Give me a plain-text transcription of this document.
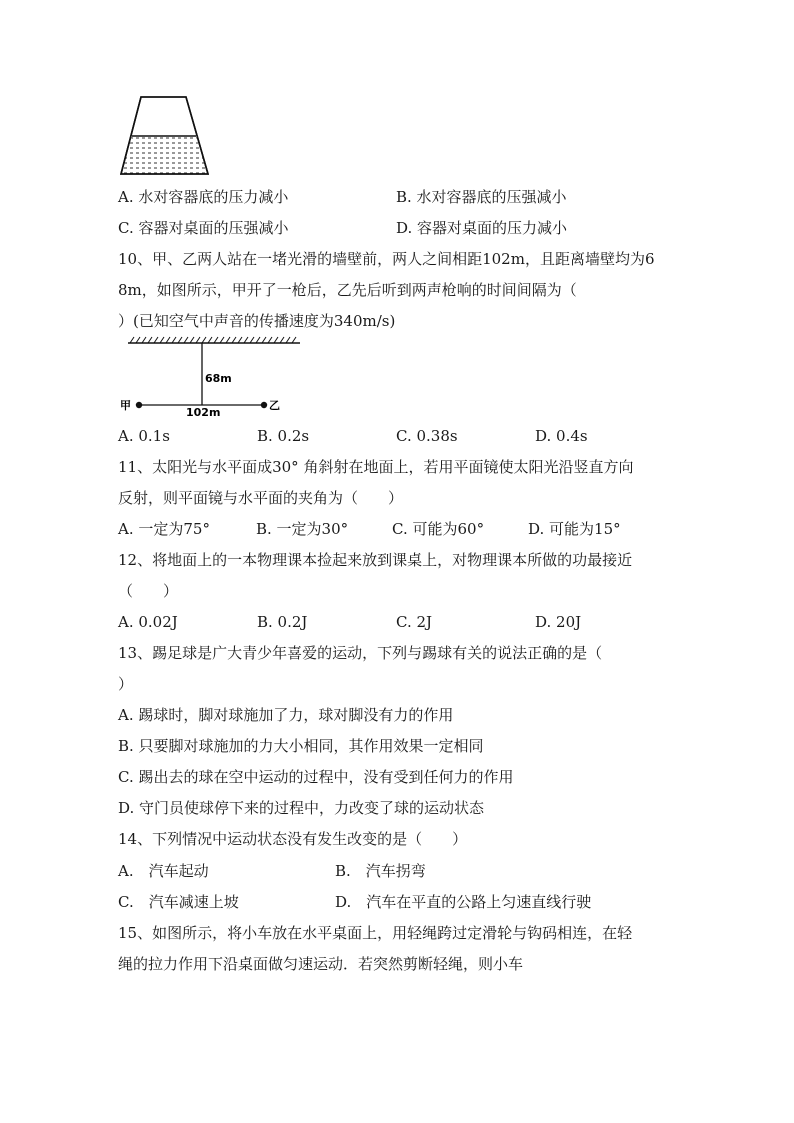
A. 水对容器底的压力减小	B. 水对容器底的压强减小
C. 容器对桌面的压强减小	D. 容器对桌面的压力减小
10、甲、乙两人站在一堵光滑的墙壁前，两人之间相距102m，且距离墙壁均为6
8m，如图所示，甲开了一枪后，乙先后听到两声枪响的时间间隔为（
）(已知空气中声音的传播速度为340m/s)
68m
102m
甲	乙
A. 0.1s	B. 0.2s	C. 0.38s	D. 0.4s
11、太阳光与水平面成30° 角斜射在地面上，若用平面镜使太阳光沿竖直方向
反射，则平面镜与水平面的夹角为（　　）
A. 一定为75°	B. 一定为30°	C. 可能为60°	D. 可能为15°
12、将地面上的一本物理课本捡起来放到课桌上，对物理课本所做的功最接近
（　　）
A. 0.02J	B. 0.2J	C. 2J	D. 20J
13、踢足球是广大青少年喜爱的运动，下列与踢球有关的说法正确的是（
）
A. 踢球时，脚对球施加了力，球对脚没有力的作用
B. 只要脚对球施加的力大小相同，其作用效果一定相同
C. 踢出去的球在空中运动的过程中，没有受到任何力的作用
D. 守门员使球停下来的过程中，力改变了球的运动状态
14、下列情况中运动状态没有发生改变的是（　　）
A.　汽车起动	B.　汽车拐弯
C.　汽车减速上坡	D.　汽车在平直的公路上匀速直线行驶
15、如图所示，将小车放在水平桌面上，用轻绳跨过定滑轮与钩码相连，在轻
绳的拉力作用下沿桌面做匀速运动．若突然剪断轻绳，则小车
